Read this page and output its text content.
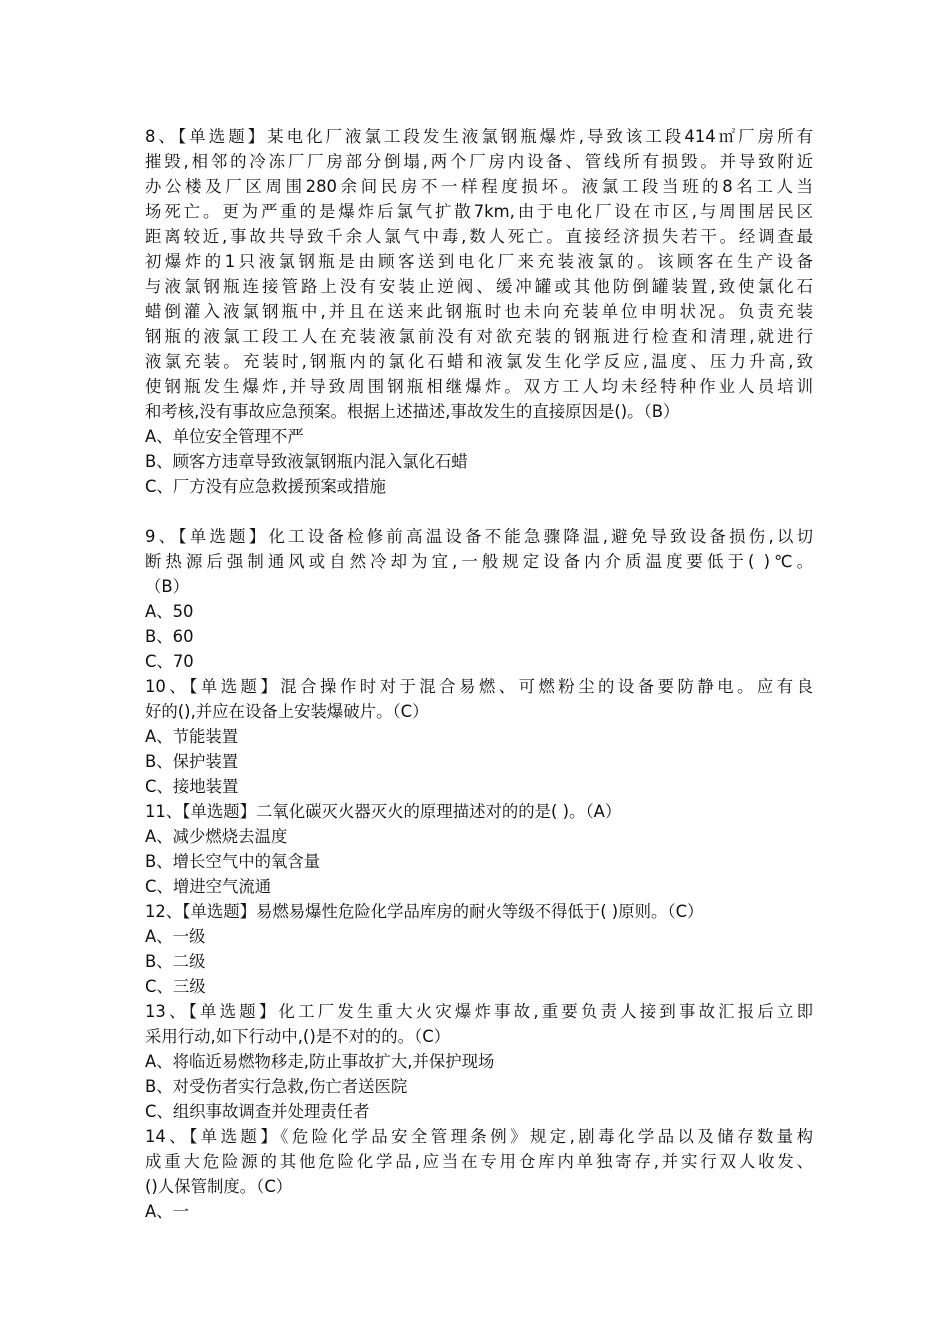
8、【单选题】某电化厂液氯工段发生液氯钢瓶爆炸,导致该工段414㎡厂房所有
摧毁,相邻的冷冻厂厂房部分倒塌,两个厂房内设备、管线所有损毁。并导致附近
办公楼及厂区周围280余间民房不一样程度损坏。液氯工段当班的8名工人当
场死亡。更为严重的是爆炸后氯气扩散7km,由于电化厂设在市区,与周围居民区
距离较近,事故共导致千余人氯气中毒,数人死亡。直接经济损失若干。经调查最
初爆炸的1只液氯钢瓶是由顾客送到电化厂来充装液氯的。该顾客在生产设备
与液氯钢瓶连接管路上没有安装止逆阀、缓冲罐或其他防倒罐装置,致使氯化石
蜡倒灌入液氯钢瓶中,并且在送来此钢瓶时也未向充装单位申明状况。负责充装
钢瓶的液氯工段工人在充装液氯前没有对欲充装的钢瓶进行检查和清理,就进行
液氯充装。充装时,钢瓶内的氯化石蜡和液氯发生化学反应,温度、压力升高,致
使钢瓶发生爆炸,并导致周围钢瓶相继爆炸。双方工人均未经特种作业人员培训
和考核,没有事故应急预案。根据上述描述,事故发生的直接原因是()。（B）
A、单位安全管理不严
B、顾客方违章导致液氯钢瓶内混入氯化石蜡
C、厂方没有应急救援预案或措施
9、【单选题】化工设备检修前高温设备不能急骤降温,避免导致设备损伤,以切
断热源后强制通风或自然冷却为宜,一般规定设备内介质温度要低于( )℃。
（B）
A、50
B、60
C、70
10、【单选题】混合操作时对于混合易燃、可燃粉尘的设备要防静电。应有良
好的(),并应在设备上安装爆破片。（C）
A、节能装置
B、保护装置
C、接地装置
11、【单选题】二氧化碳灭火器灭火的原理描述对的的是( )。（A）
A、减少燃烧去温度
B、增长空气中的氧含量
C、增进空气流通
12、【单选题】易燃易爆性危险化学品库房的耐火等级不得低于( )原则。（C）
A、一级
B、二级
C、三级
13、【单选题】化工厂发生重大火灾爆炸事故,重要负责人接到事故汇报后立即
采用行动,如下行动中,()是不对的的。（C）
A、将临近易燃物移走,防止事故扩大,并保护现场
B、对受伤者实行急救,伤亡者送医院
C、组织事故调查并处理责任者
14、【单选题】《危险化学品安全管理条例》规定,剧毒化学品以及储存数量构
成重大危险源的其他危险化学品,应当在专用仓库内单独寄存,并实行双人收发、
()人保管制度。（C）
A、一
